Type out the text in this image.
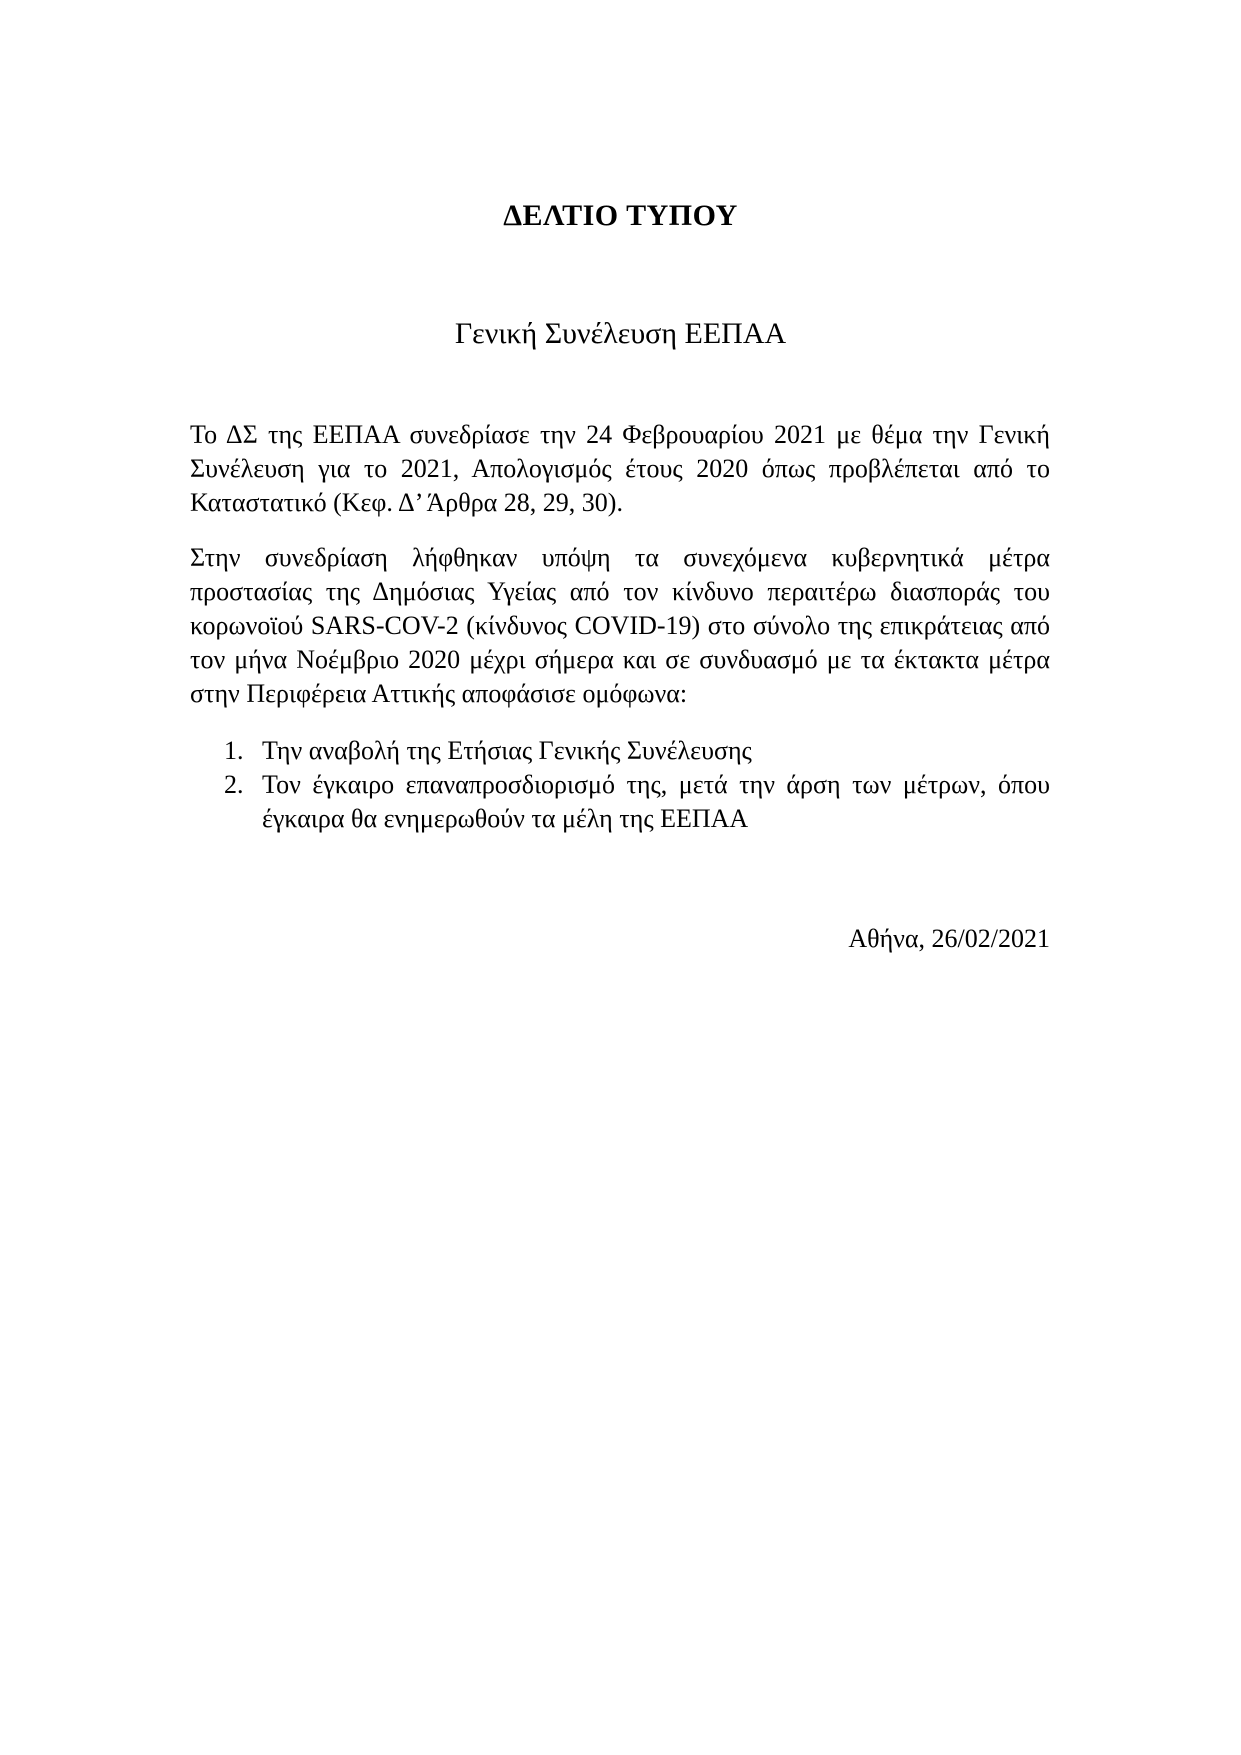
ΔΕΛΤΙΟ ΤΥΠΟΥ
Γενική Συνέλευση ΕΕΠΑΑ

Το ΔΣ της ΕΕΠΑΑ συνεδρίασε την 24 Φεβρουαρίου 2021 με θέμα την Γενική Συνέλευση για το 2021, Απολογισμός έτους 2020 όπως προβλέπεται από το Καταστατικό (Κεφ. Δ’ Άρθρα 28, 29, 30).

Στην συνεδρίαση λήφθηκαν υπόψη τα συνεχόμενα κυβερνητικά μέτρα προστασίας της Δημόσιας Υγείας από τον κίνδυνο περαιτέρω διασποράς του κορωνοϊού SARS-COV-2 (κίνδυνος COVID-19) στο σύνολο της επικράτειας από τον μήνα Νοέμβριο 2020 μέχρι σήμερα και σε συνδυασμό με τα έκτακτα μέτρα στην Περιφέρεια Αττικής αποφάσισε ομόφωνα:

1. Την αναβολή της Ετήσιας Γενικής Συνέλευσης
2. Τον έγκαιρο επαναπροσδιορισμό της, μετά την άρση των μέτρων, όπου έγκαιρα θα ενημερωθούν τα μέλη της ΕΕΠΑΑ
Αθήνα, 26/02/2021
